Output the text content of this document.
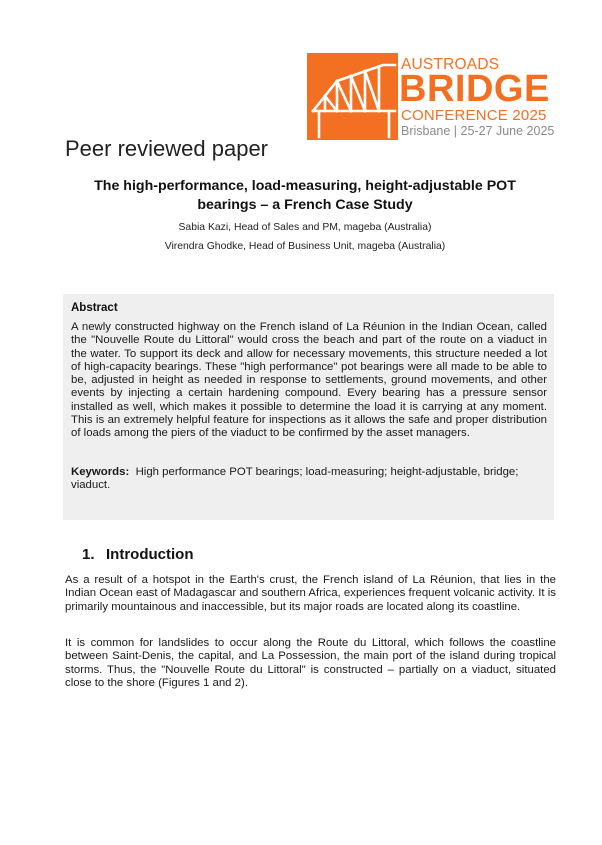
AUSTROADS
BRIDGE
CONFERENCE 2025
Brisbane | 25-27 June 2025
Peer reviewed paper
The high-performance, load-measuring, height-adjustable POT bearings – a French Case Study
Sabia Kazi, Head of Sales and PM, mageba (Australia)
Virendra Ghodke, Head of Business Unit, mageba (Australia)
Abstract
A newly constructed highway on the French island of La Réunion in the Indian Ocean, called the "Nouvelle Route du Littoral" would cross the beach and part of the route on a viaduct in the water. To support its deck and allow for necessary movements, this structure needed a lot of high-capacity bearings. These "high performance" pot bearings were all made to be able to be, adjusted in height as needed in response to settlements, ground movements, and other events by injecting a certain hardening compound. Every bearing has a pressure sensor installed as well, which makes it possible to determine the load it is carrying at any moment. This is an extremely helpful feature for inspections as it allows the safe and proper distribution of loads among the piers of the viaduct to be confirmed by the asset managers.
Keywords: High performance POT bearings; load-measuring; height-adjustable, bridge; viaduct.
1. Introduction
As a result of a hotspot in the Earth's crust, the French island of La Réunion, that lies in the Indian Ocean east of Madagascar and southern Africa, experiences frequent volcanic activity. It is primarily mountainous and inaccessible, but its major roads are located along its coastline.
It is common for landslides to occur along the Route du Littoral, which follows the coastline between Saint-Denis, the capital, and La Possession, the main port of the island during tropical storms. Thus, the "Nouvelle Route du Littoral" is constructed – partially on a viaduct, situated close to the shore (Figures 1 and 2).
